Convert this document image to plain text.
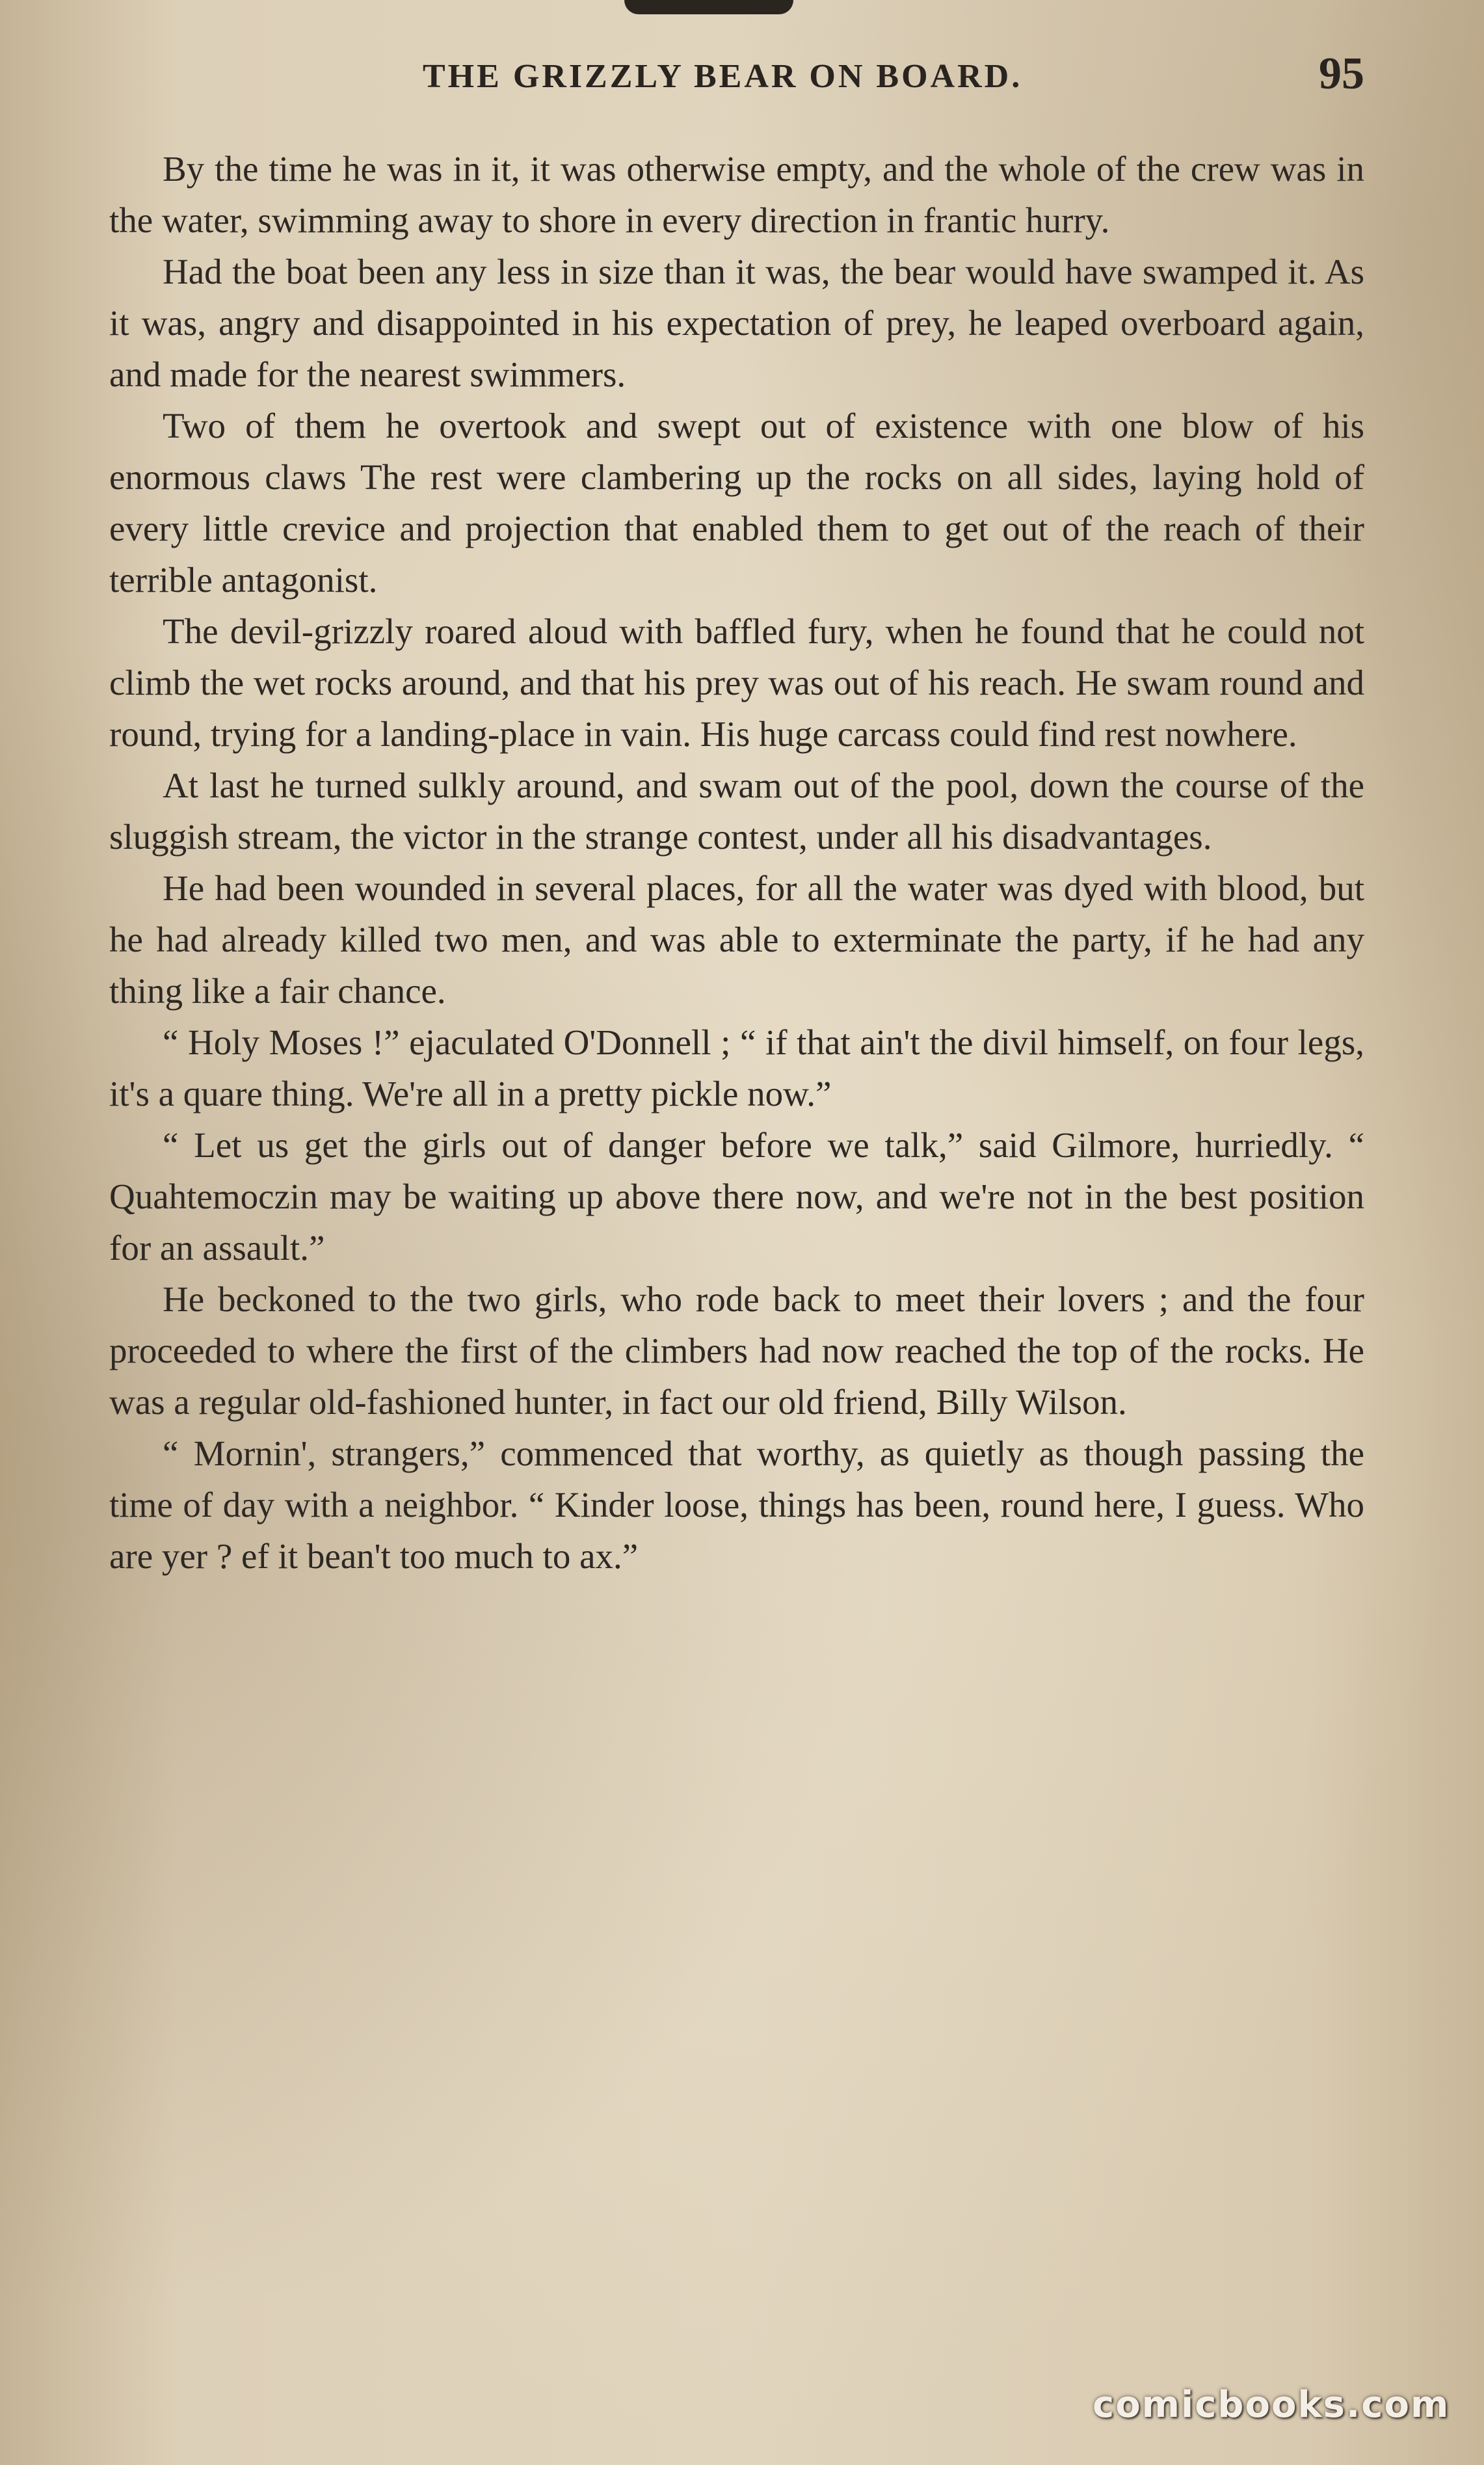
THE GRIZZLY BEAR ON BOARD.	95

By the time he was in it, it was otherwise empty, and the whole of the crew was in the water, swimming away to shore in every direction in frantic hurry.

Had the boat been any less in size than it was, the bear would have swamped it. As it was, angry and disappointed in his expectation of prey, he leaped overboard again, and made for the nearest swimmers.

Two of them he overtook and swept out of existence with one blow of his enormous claws The rest were clambering up the rocks on all sides, laying hold of every little crevice and projection that enabled them to get out of the reach of their terrible antagonist.

The devil-grizzly roared aloud with baffled fury, when he found that he could not climb the wet rocks around, and that his prey was out of his reach. He swam round and round, trying for a landing-place in vain. His huge carcass could find rest nowhere.

At last he turned sulkly around, and swam out of the pool, down the course of the sluggish stream, the victor in the strange contest, under all his disadvantages.

He had been wounded in several places, for all the water was dyed with blood, but he had already killed two men, and was able to exterminate the party, if he had any thing like a fair chance.

“ Holy Moses !” ejaculated O'Donnell ; “ if that ain't the divil himself, on four legs, it's a quare thing. We're all in a pretty pickle now.”

“ Let us get the girls out of danger before we talk,” said Gilmore, hurriedly. “ Quahtemoczin may be waiting up above there now, and we're not in the best position for an assault.”

He beckoned to the two girls, who rode back to meet their lovers ; and the four proceeded to where the first of the climbers had now reached the top of the rocks. He was a regular old-fashioned hunter, in fact our old friend, Billy Wilson.

“ Mornin', strangers,” commenced that worthy, as quietly as though passing the time of day with a neighbor. “ Kinder loose, things has been, round here, I guess. Who are yer ? ef it bean't too much to ax.”

comicbooks.com
